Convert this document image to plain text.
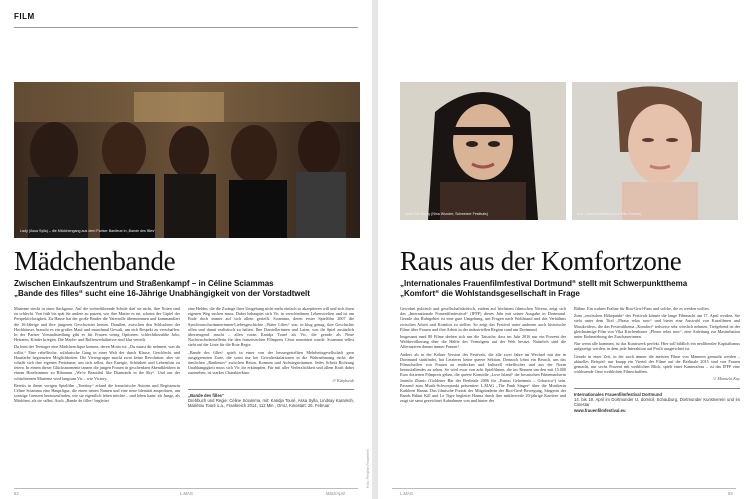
FILM
Lady (Assa Sylla) – die Mädchengang aus dem Pariser Banlieue in „Bande des filles“
Mädchenbande
Zwischen Einkaufszentrum und Straßenkampf – in Céline Sciammas
„Bande des filles“ sucht eine 16-Jährige Unabhängigkeit von der Vorstadtwelt

Marieme steckt in einer Sackgasse. Auf die weiterführende Schule darf sie nicht, ihre Noten sind zu schlecht. Von früh bis spät für andere zu putzen, wie ihre Mutter es tut, scheint der Gipfel der Perspektivlosigkeit. Zu Hause hat der große Bruder die Vaterrolle übernommen und kommandiert die 16-Jährige und ihre jüngeren Geschwister herum. Draußen, zwischen den Schluchten der Hochhäuser, braucht es ein großes Maul und manchmal Gewalt, um sich Respekt zu verschaffen. In der Pariser Vorstadtsiedlung gibt es für Frauen wenig Optionen: schlechtbezahlte Jobs, Heiraten, Kinder kriegen. Die Macht- und Rollenverhältnisse sind klar verteilt.

Da lernt der Teenager eine Mädchenclique kennen, deren Motto ist: „Du musst dir nehmen, was du willst.“ Eine rebellische, solidarische Gang in einer Welt der durch Klasse, Geschlecht und Hautfarbe begrenzten Möglichkeiten. Die Vierergruppe macht zwar keine Revolution, aber sie schafft sich ihre eigenen Freiräume, um sich selbst, ihre Energie, Schönheit und Lebenslust zu feiern. In einem dieser Glücksmomente tanzen die jungen Frauen in geschenkten Abendkleidern in einem Hotelzimmer zu Rihannas „We're Beautiful like Diamonds in the Sky“. Und aus der schüchternen Marieme wird langsam Vic – wie Victory.

Bereits in ihrem vorigen Spielfilm „Tomboy“ erfand die französische Autorin und Regisseurin Céline Sciamma eine Hauptfigur, die einen neuen Namen und eine neue Identität ausprobiert, um sonstige Grenzen herauszufinden, wie sie eigentlich leben möchte – und leben kann: als Junge, als Mädchen, als sie selbst. Auch „Bande de filles“ begleitet

eine Heldin, die die Zwänge ihrer Umgebung nicht mehr einfach so akzeptieren will und sich ihren eigenen Weg suchen muss. Dabei behauptet sich Vic in verschiedenen Lebenswelten und ist am Ende doch immer auf sich allein gestellt. Sciamma, deren erster Spielfilm 2007 die Synchronschwimmerinnen-Liebesgeschichte „Water Lilies“ war, in klug genug, ihre Geschichte offen und damit realistisch zu halten. Ihre Darstellerinnen und Laien, was ihr Spiel zusätzlich überzeugend macht – allen voran Karidja Touré als Vic, die gerade als Neue Nachwuchsdarstellerin für den französischen Filmpreis César nominiert wurde. Sciamma selbst sieht auf der Linie für die Rote Regie.

„Bande des filles“ spielt in einer von der bessergestellten Mehrheitsgesellschaft gern ausgegrenzten Zone, die sonst nur bei Gewalteskalationen in die Wahrnehmung rückt: die ärmlichen „Banlieues“ zwischen Beton, Konsum und Aufstiegsträumen. Jedes Schritt Richtung Unabhängigkeit muss sich Vic ihr erkämpfen. Für mit aller Verletzlichkeit und allem Kraft dabei zuzusehen, ist starkes Charakterkino.

/// Kittyhawk
„Bande des filles“
Drehbuch und Regie: Céline Sciamma, mit: Karidja Touré, Assa Sylla, Lindsay Karamoh, Mariétou Touré u.a., Frankreich 2014, 112 Min., OmU, Kinostart: 26. Februar
62	L.MAG	März/April
Foto: Peripher Filmverleih
Muhi Erik Barsy (Nina Wunder, Schweizer Festivals)	Aus: Dokumentarfilm (Lina Wils-Fischer)
Raus aus der Komfortzone
„Internationales Frauenfilmfestival Dortmund“ stellt mit Schwerpunktthema
„Komfort“ die Wohlstandsgesellschaft in Frage

Gewohnt politisch und gesellschaftskritisch, zudem auf höchstem filmischen Niveau, zeigt sich das „Internationale Frauenfilmfestival“ (IFFF) dieses Jahr mit seiner Ausgabe in Dortmund. Gerade das Ruhrgebiet ist eine gute Umgebung, um Fragen nach Wohlstand und das Verhältnis zwischen Arbeit und Komfort zu stellen. So zeigt das Festival unter anderem auch historische Filme über Frauen und ihre Arbeit in der industriellen Region rund um Dortmund.

Insgesamt rund 80 Filme drehen sich um die Tatsache, dass im Jahr 2016 nur ein Prozent der Weltbevölkerung über die Hälfte des Vermögens auf der Welt besitzt. Natürlich sind die Alternativen darum immer Frauen!

Anders als in der Kölner Version des Festivals, die alle zwei Jahre im Wechsel mit der in Dortmund stattfindet, hat Letzteres keine queere Sektion. Dennoch lohnt ein Besuch, um das Filmschaffen von Frauen zu entdecken und kulturell rebellisches und aus der Norm herausfallendes zu sehen. So wird zwar von acht Spielfilmen, die ins Rennen um den mit 15.000 Euro dotierten Filmpreis gehen, die queere Komödie „Love Island“ der bosnischen Filmemacherin Jasmila Zbanic (Goldener Bär der Berlinale 2006 für „Esmas Geheimnis – Grbavica“) sein. Passend zum Musik-Schwerpunkt präsentiert L.MAG „The Punk Singer“ über die Musikerin Kathleen Hanna. Das filmische Porträt der Mitgründerin der Riot-Grrrl-Bewegung, Sängerin der Bands Bikini Kill und Le Tigre begleitet Hanna durch ihre mittlerweile 20-jährige Karriere und zeigt sie samt gezeichnet Aufnahmen von und hinter der

Bühne. Ein wahres Fraline für Riot-Grrrl-Fans und solche, die es werden wollen.

Zum „erotischen Höhepunkt“ des Festivals könnte die lange Filmnacht am 17. April werden. Sie steht unter dem Titel „Please relax now“ und bietet eine Auswahl von Kurzfilmen und Musikvideos, die das Festivalthema „Komfort“ teilweise sehr wörtlich nehmen. Tiefgehend ist der gleichnamige Film von Vika Kirchenbauer „Please relax now“, eine Anleitung zur Masturbation unter Einbeziehung der Zuschauerinnen.

Nur wenn alle kommen, ist das Kunstwerk perfekt. Hier soll bildlich ein neoliberaler Kapitalismus aufgezeigt werden, in dem jede Interaktion auf Profit ausgerichtet ist.

Gerade in einer Zeit, in der noch immer die meisten Filme von Männern gemacht werden – aktuelles Beispiel: nur knapp ein Viertel der Filme auf der Berlinale 2015 sind von Frauen gemacht, nur sechs Prozent mit weiblichen Blick, spielt einer Kamerafrau – ist das IFFF eine wohltuende Oase weiblichen Filmschaffens.

/// Manuela Kay
Internationales Frauenfilmfestival Dortmund
14. bis 19. April im Dortmunder U, domicil, Schauburg, Dortmunder Kunstverein und im Cinestar
www.frauenfilmfestival.eu
L.MAG	63
